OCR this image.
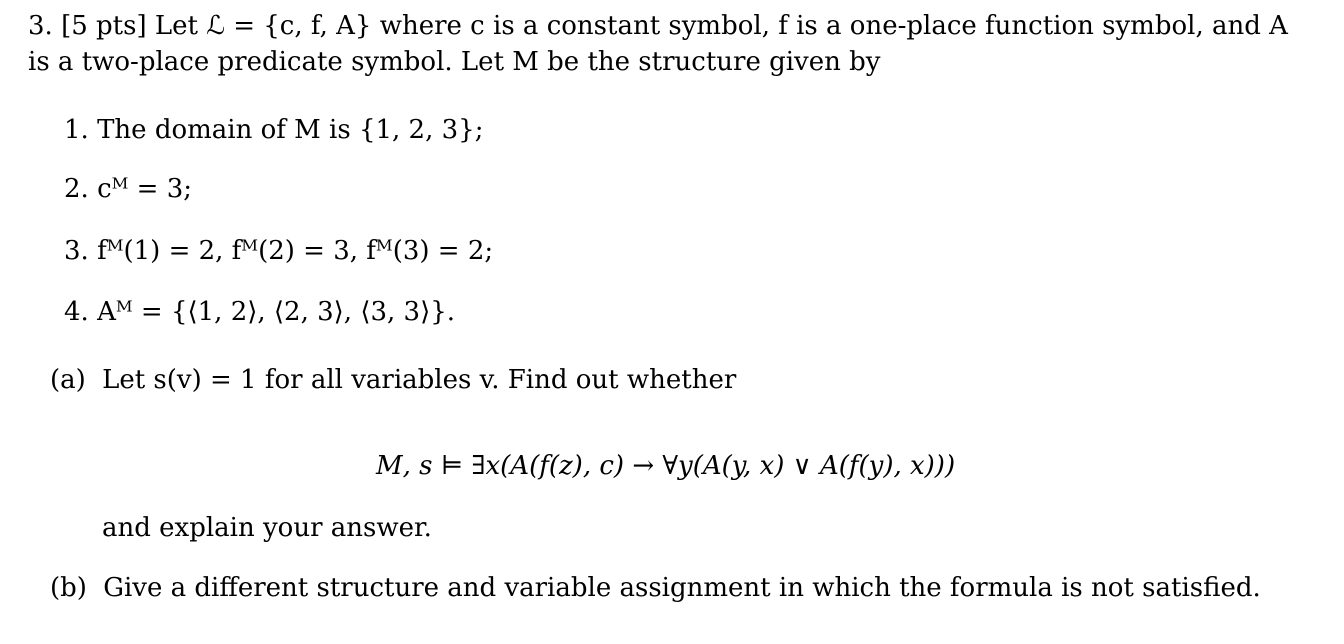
3. [5 pts] Let ℒ = {c, f, A} where c is a constant symbol, f is a one-place function symbol, and A
is a two-place predicate symbol. Let M be the structure given by
1. The domain of M is {1, 2, 3};
2. cᴹ = 3;
3. fᴹ(1) = 2, fᴹ(2) = 3, fᴹ(3) = 2;
4. Aᴹ = {⟨1, 2⟩, ⟨2, 3⟩, ⟨3, 3⟩}.
(a) Let s(v) = 1 for all variables v. Find out whether
M, s ⊨ ∃x(A(f(z), c) → ∀y(A(y, x) ∨ A(f(y), x)))
and explain your answer.
(b) Give a different structure and variable assignment in which the formula is not satisfied.
